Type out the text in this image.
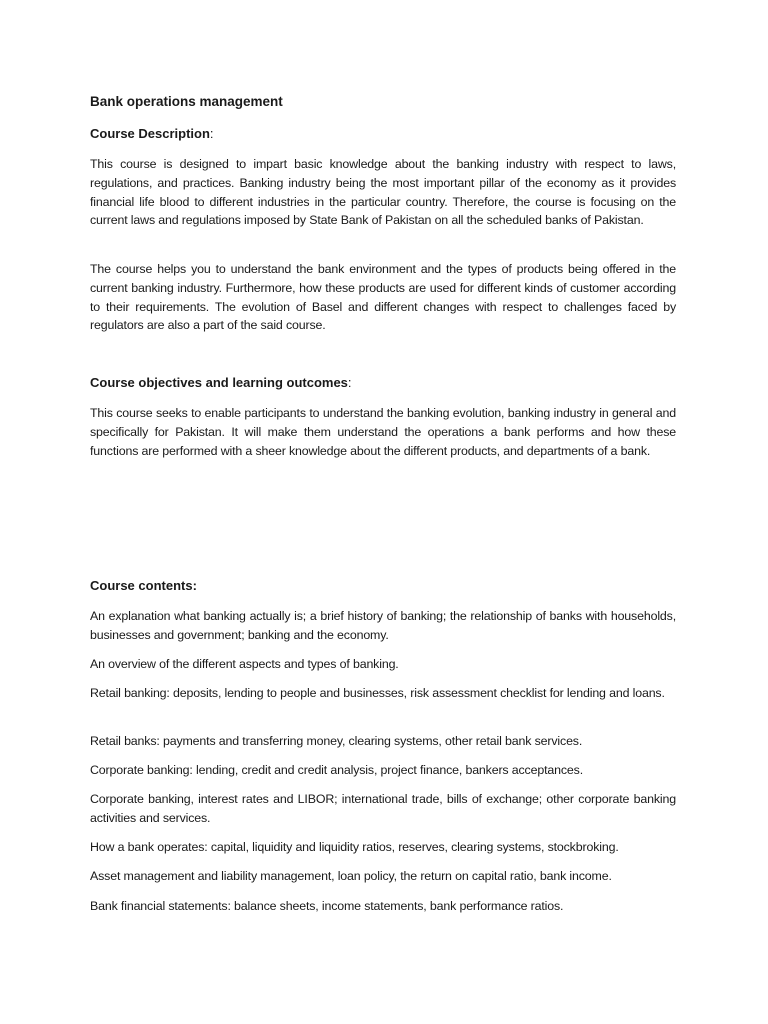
Bank operations management
Course Description:

This course is designed to impart basic knowledge about the banking industry with respect to laws, regulations, and practices. Banking industry being the most important pillar of the economy as it provides financial life blood to different industries in the particular country. Therefore, the course is focusing on the current laws and regulations imposed by State Bank of Pakistan on all the scheduled banks of Pakistan.

The course helps you to understand the bank environment and the types of products being offered in the current banking industry. Furthermore, how these products are used for different kinds of customer according to their requirements. The evolution of Basel and different changes with respect to challenges faced by regulators are also a part of the said course.

Course objectives and learning outcomes:

This course seeks to enable participants to understand the banking evolution, banking industry in general and specifically for Pakistan. It will make them understand the operations a bank performs and how these functions are performed with a sheer knowledge about the different products, and departments of a bank.

Course contents:

An explanation what banking actually is; a brief history of banking; the relationship of banks with households, businesses and government; banking and the economy.

An overview of the different aspects and types of banking.

Retail banking: deposits, lending to people and businesses, risk assessment checklist for lending and loans.

Retail banks: payments and transferring money, clearing systems, other retail bank services.

Corporate banking: lending, credit and credit analysis, project finance, bankers acceptances.

Corporate banking, interest rates and LIBOR; international trade, bills of exchange; other corporate banking activities and services.

How a bank operates: capital, liquidity and liquidity ratios, reserves, clearing systems, stockbroking.

Asset management and liability management, loan policy, the return on capital ratio, bank income.

Bank financial statements: balance sheets, income statements, bank performance ratios.
